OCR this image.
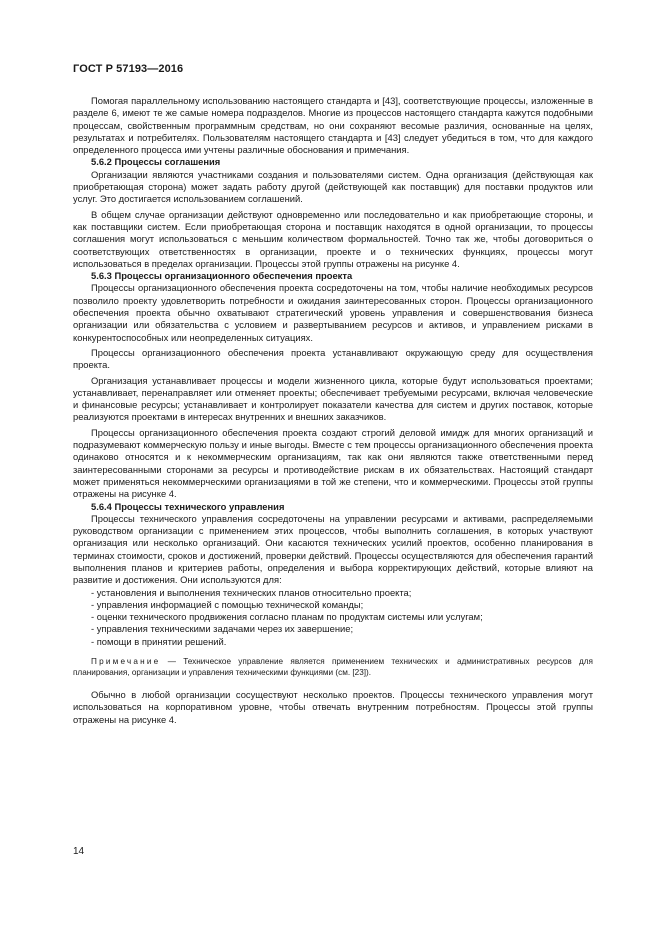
ГОСТ Р 57193—2016

Помогая параллельному использованию настоящего стандарта и [43], соответствующие процессы, изложенные в разделе 6, имеют те же самые номера подразделов. Многие из процессов настоящего стандарта кажутся подобными процессам, свойственным программным средствам, но они сохраняют весомые различия, основанные на целях, результатах и потребителях. Пользователям настоящего стандарта и [43] следует убедиться в том, что для каждого определенного процесса ими учтены различные обоснования и примечания.

5.6.2 Процессы соглашения

Организации являются участниками создания и пользователями систем. Одна организация (действующая как приобретающая сторона) может задать работу другой (действующей как поставщик) для поставки продуктов или услуг. Это достигается использованием соглашений.

В общем случае организации действуют одновременно или последовательно и как приобретающие стороны, и как поставщики систем. Если приобретающая сторона и поставщик находятся в одной организации, то процессы соглашения могут использоваться с меньшим количеством формальностей. Точно так же, чтобы договориться о соответствующих ответственностях в организации, проекте и о технических функциях, процессы могут использоваться в пределах организации. Процессы этой группы отражены на рисунке 4.

5.6.3 Процессы организационного обеспечения проекта

Процессы организационного обеспечения проекта сосредоточены на том, чтобы наличие необходимых ресурсов позволило проекту удовлетворить потребности и ожидания заинтересованных сторон. Процессы организационного обеспечения проекта обычно охватывают стратегический уровень управления и совершенствования бизнеса организации или обязательства с условием и развертыванием ресурсов и активов, и управлением рисками в конкурентоспособных или неопределенных ситуациях.

Процессы организационного обеспечения проекта устанавливают окружающую среду для осуществления проекта.

Организация устанавливает процессы и модели жизненного цикла, которые будут использоваться проектами; устанавливает, перенаправляет или отменяет проекты; обеспечивает требуемыми ресурсами, включая человеческие и финансовые ресурсы; устанавливает и контролирует показатели качества для систем и других поставок, которые реализуются проектами в интересах внутренних и внешних заказчиков.

Процессы организационного обеспечения проекта создают строгий деловой имидж для многих организаций и подразумевают коммерческую пользу и иные выгоды. Вместе с тем процессы организационного обеспечения проекта одинаково относятся и к некоммерческим организациям, так как они являются также ответственными перед заинтересованными сторонами за ресурсы и противодействие рискам в их обязательствах. Настоящий стандарт может применяться некоммерческими организациями в той же степени, что и коммерческими. Процессы этой группы отражены на рисунке 4.

5.6.4 Процессы технического управления

Процессы технического управления сосредоточены на управлении ресурсами и активами, распределяемыми руководством организации с применением этих процессов, чтобы выполнить соглашения, в которых участвуют организация или несколько организаций. Они касаются технических усилий проектов, особенно планирования в терминах стоимости, сроков и достижений, проверки действий. Процессы осуществляются для обеспечения гарантий выполнения планов и критериев работы, определения и выбора корректирующих действий, которые влияют на развитие и достижения. Они используются для:

- установления и выполнения технических планов относительно проекта;
- управления информацией с помощью технической команды;
- оценки технического продвижения согласно планам по продуктам системы или услугам;
- управления техническими задачами через их завершение;
- помощи в принятии решений.

Примечание — Техническое управление является применением технических и административных ресурсов для планирования, организации и управления техническими функциями (см. [23]).

Обычно в любой организации сосуществуют несколько проектов. Процессы технического управления могут использоваться на корпоративном уровне, чтобы отвечать внутренним потребностям. Процессы этой группы отражены на рисунке 4.

14
